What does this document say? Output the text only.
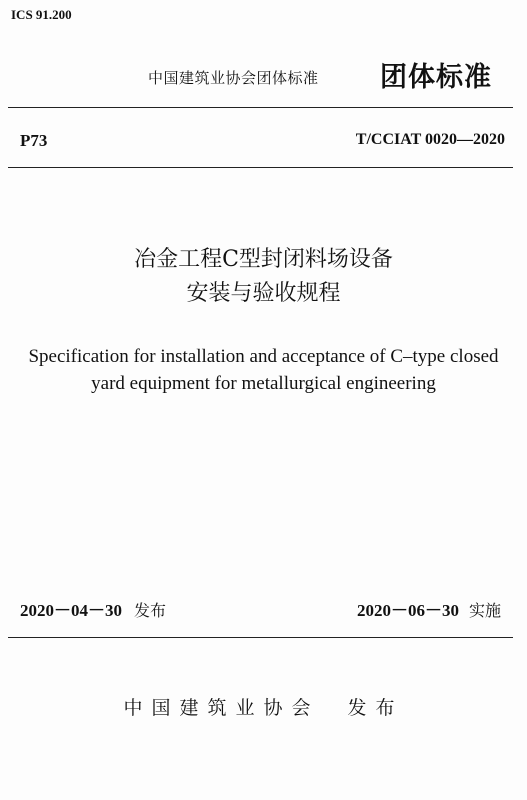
ICS 91.200
中国建筑业协会团体标准 团体标准
P73	T/CCIAT 0020—2020
冶金工程C型封闭料场设备
安装与验收规程
Specification for installation and acceptance of C–type closed
yard equipment for metallurgical engineering
2020－04－30 发布	2020－06－30 实施
中国建筑业协会　发布
